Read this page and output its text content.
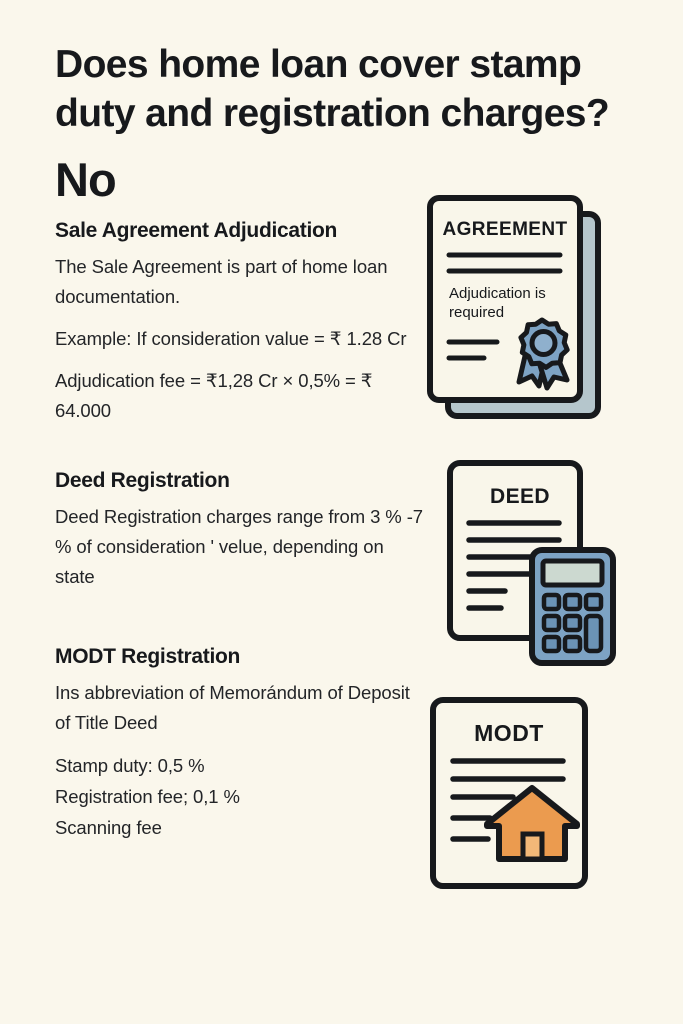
Does home loan cover stamp duty and registration charges?
No
Sale Agreement Adjudication

The Sale Agreement is part of home loan documentation.

Example: If consideration value = ₹ 1.28 Cr

Adjudication fee = ₹1,28 Cr × 0,5% = ₹ 64.000

Deed Registration

Deed Registration charges range from 3 % -7 % of consideration ' velue, depending on state

MODT Registration

Ins abbreviation of Memorándum of Deposit of Title Deed

Stamp duty: 0,5 %

Registration fee; 0,1 %

Scanning fee

AGREEMENT
Adjudication is
required
DEED
MODT
